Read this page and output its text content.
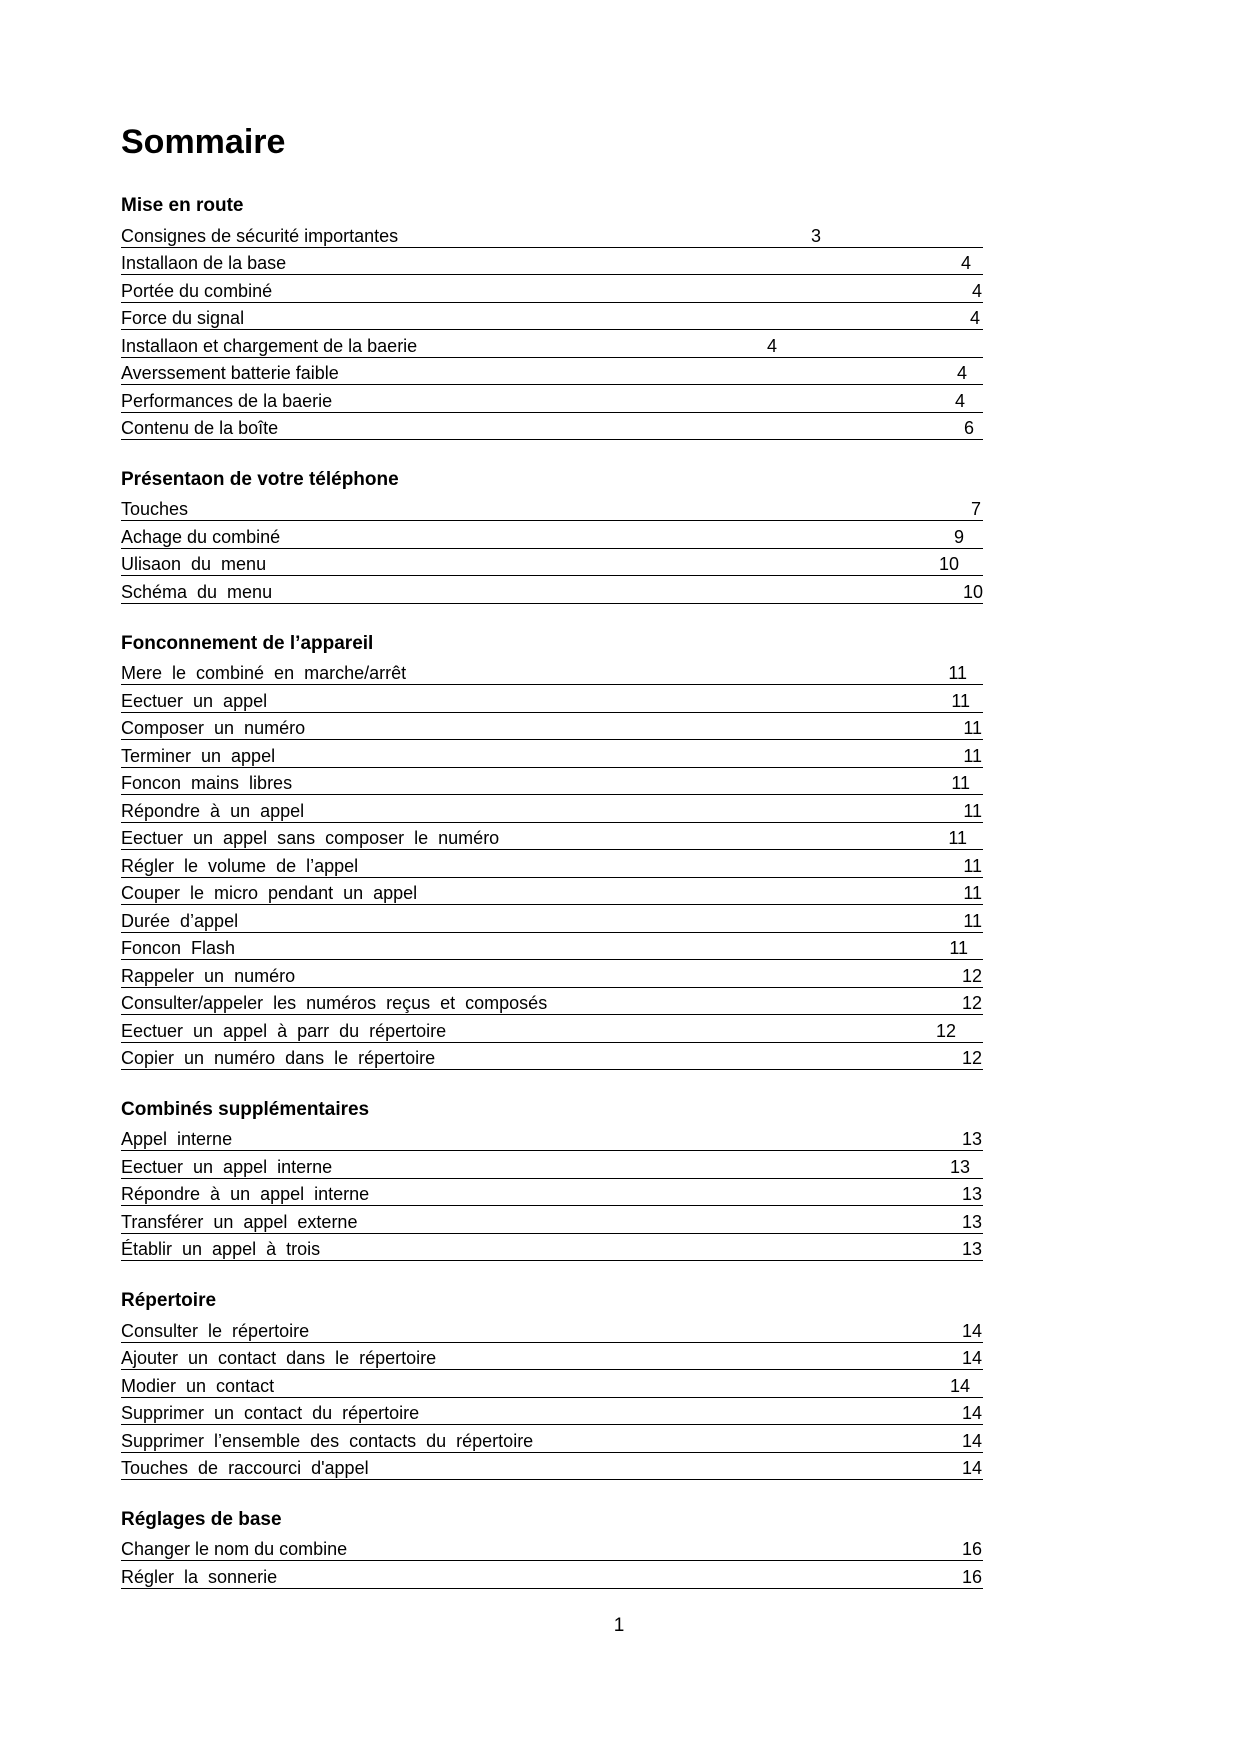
Sommaire
Mise en route
Consignes de sécurité importantes	3
Installaon de la base	4
Portée du combiné	4
Force du signal	4
Installaon et chargement de la baerie	4
Averssement batterie faible	4
Performances de la baerie	4
Contenu de la boîte	6
Présentaon de votre téléphone
Touches	7
Achage du combiné	9
Ulisaon du menu	10
Schéma du menu	10
Fonconnement de l’appareil
Mere le combiné en marche/arrêt	11
Eectuer un appel	11
Composer un numéro	11
Terminer un appel	11
Foncon mains libres	11
Répondre à un appel	11
Eectuer un appel sans composer le numéro	11
Régler le volume de l’appel	11
Couper le micro pendant un appel	11
Durée d’appel	11
Foncon Flash	11
Rappeler un numéro	12
Consulter/appeler les numéros reçus et composés	12
Eectuer un appel à parr du répertoire	12
Copier un numéro dans le répertoire	12
Combinés supplémentaires
Appel interne	13
Eectuer un appel interne	13
Répondre à un appel interne	13
Transférer un appel externe	13
Établir un appel à trois	13
Répertoire
Consulter le répertoire	14
Ajouter un contact dans le répertoire	14
Modier un contact	14
Supprimer un contact du répertoire	14
Supprimer l’ensemble des contacts du répertoire	14
Touches de raccourci d'appel	14
Réglages de base
Changer le nom du combine	16
Régler la sonnerie	16
1
